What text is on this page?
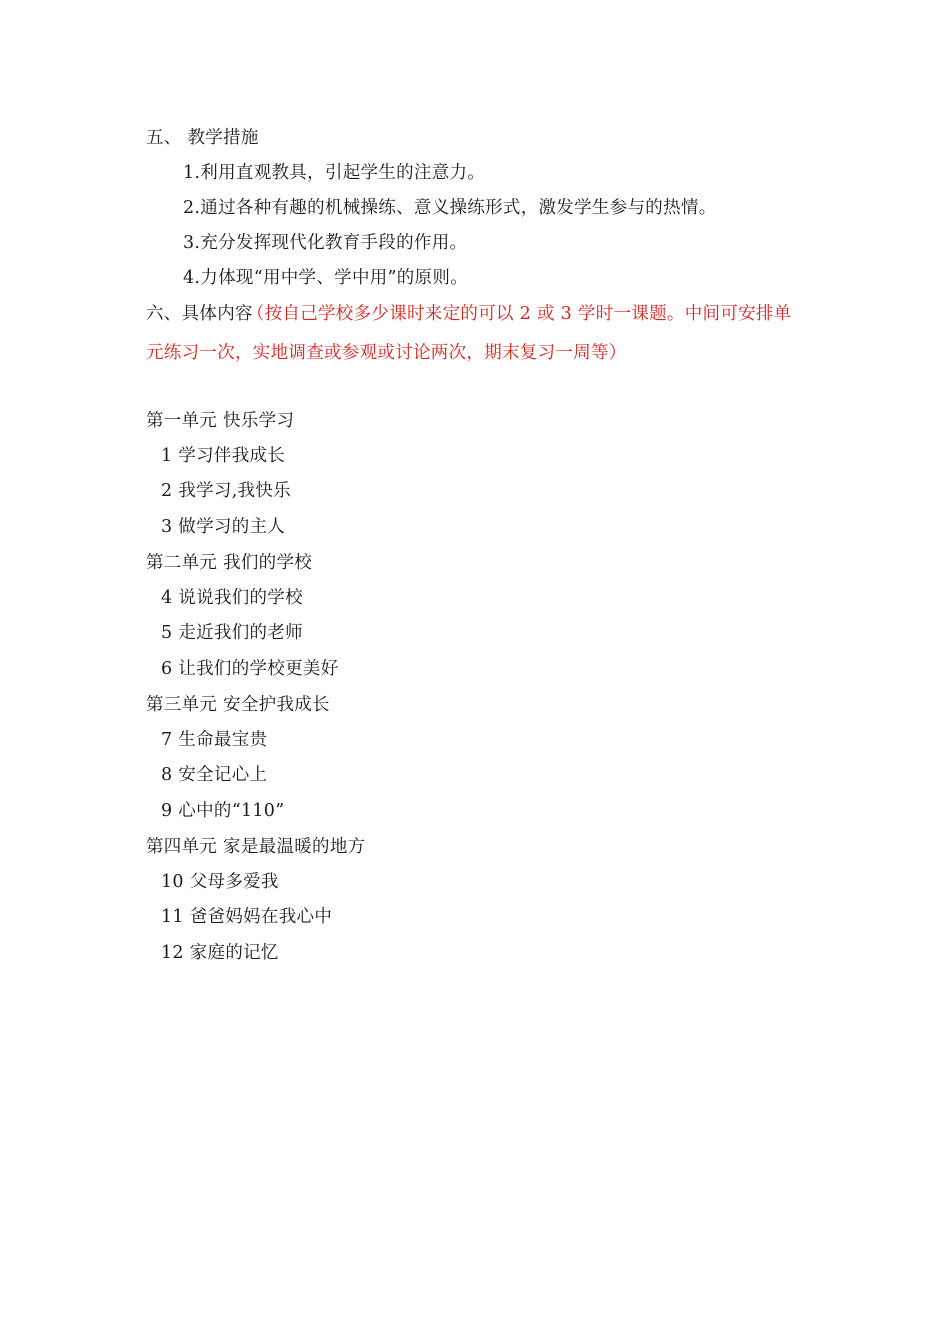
五、 教学措施
1.利用直观教具，引起学生的注意力。
2.通过各种有趣的机械操练、意义操练形式，激发学生参与的热情。
3.充分发挥现代化教育手段的作用。
4.力体现“用中学、学中用”的原则。
六、具体内容（按自己学校多少课时来定的可以 2 或 3 学时一课题。中间可安排单
元练习一次，实地调查或参观或讨论两次，期末复习一周等）
第一单元 快乐学习
1 学习伴我成长
2 我学习,我快乐
3 做学习的主人
第二单元 我们的学校
4 说说我们的学校
5 走近我们的老师
6 让我们的学校更美好
第三单元 安全护我成长
7 生命最宝贵
8 安全记心上
9 心中的“110”
第四单元 家是最温暖的地方
10 父母多爱我
11 爸爸妈妈在我心中
12 家庭的记忆
